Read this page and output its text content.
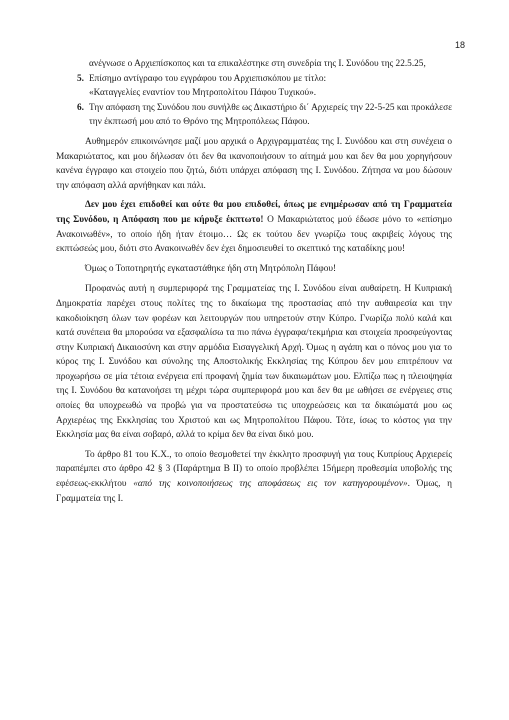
18

ανέγνωσε ο Αρχιεπίσκοπος και τα επικαλέστηκε στη συνεδρία της Ι. Συνόδου της 22.5.25,

5. Επίσημο αντίγραφο του εγγράφου του Αρχιεπισκόπου με τίτλο:
«Καταγγελίες εναντίον του Μητροπολίτου Πάφου Τυχικού».
6. Την απόφαση της Συνόδου που συνήλθε ως Δικαστήριο δι΄ Αρχιερείς την 22-5-25 και προκάλεσε την έκπτωσή μου από το Θρόνο της Μητροπόλεως Πάφου.

Αυθημερόν επικοινώνησε μαζί μου αρχικά ο Αρχιγραμματέας της Ι. Συνόδου και στη συνέχεια ο Μακαριώτατος, και μου δήλωσαν ότι δεν θα ικανοποιήσουν το αίτημά μου και δεν θα μου χορηγήσουν κανένα έγγραφο και στοιχείο που ζητώ, διότι υπάρχει απόφαση της Ι. Συνόδου. Ζήτησα να μου δώσουν την απόφαση αλλά αρνήθηκαν και πάλι.

Δεν μου έχει επιδοθεί και ούτε θα μου επιδοθεί, όπως με ενημέρωσαν από τη Γραμματεία της Συνόδου, η Απόφαση που με κήρυξε έκπτωτο! Ο Μακαριώτατος μού έδωσε μόνο το «επίσημο Ανακοινωθέν», το οποίο ήδη ήταν έτοιμο… Ως εκ τούτου δεν γνωρίζω τους ακριβείς λόγους της εκπτώσεώς μου, διότι στο Ανακοινωθέν δεν έχει δημοσιευθεί το σκεπτικό της καταδίκης μου!

Όμως ο Τοποτηρητής εγκαταστάθηκε ήδη στη Μητρόπολη Πάφου!

Προφανώς αυτή η συμπεριφορά της Γραμματείας της Ι. Συνόδου είναι αυθαίρετη. Η Κυπριακή Δημοκρατία παρέχει στους πολίτες της το δικαίωμα της προστασίας από την αυθαιρεσία και την κακοδιοίκηση όλων των φορέων και λειτουργών που υπηρετούν στην Κύπρο. Γνωρίζω πολύ καλά και κατά συνέπεια θα μπορούσα να εξασφαλίσω τα πιο πάνω έγγραφα/τεκμήρια και στοιχεία προσφεύγοντας στην Κυπριακή Δικαιοσύνη και στην αρμόδια Εισαγγελική Αρχή. Όμως η αγάπη και ο πόνος μου για το κύρος της Ι. Συνόδου και σύνολης της Αποστολικής Εκκλησίας της Κύπρου δεν μου επιτρέπουν να προχωρήσω σε μία τέτοια ενέργεια επί προφανή ζημία των δικαιωμάτων μου. Ελπίζω πως η πλειοψηφία της Ι. Συνόδου θα κατανοήσει τη μέχρι τώρα συμπεριφορά μου και δεν θα με ωθήσει σε ενέργειες στις οποίες θα υποχρεωθώ να προβώ για να προστατεύσω τις υποχρεώσεις και τα δικαιώματά μου ως Αρχιερέως της Εκκλησίας του Χριστού και ως Μητροπολίτου Πάφου. Τότε, ίσως το κόστος για την Εκκλησία μας θα είναι σοβαρό, αλλά το κρίμα δεν θα είναι δικό μου.

Το άρθρο 81 του Κ.Χ., το οποίο θεσμοθετεί την έκκλητο προσφυγή για τους Κυπρίους Αρχιερείς παραπέμπει στο άρθρο 42 § 3 (Παράρτημα Β ΙΙ) το οποίο προβλέπει 15ήμερη προθεσμία υποβολής της εφέσεως-εκκλήτου «από της κοινοποιήσεως της αποφάσεως εις τον κατηγορουμένον». Όμως, η Γραμματεία της Ι.
